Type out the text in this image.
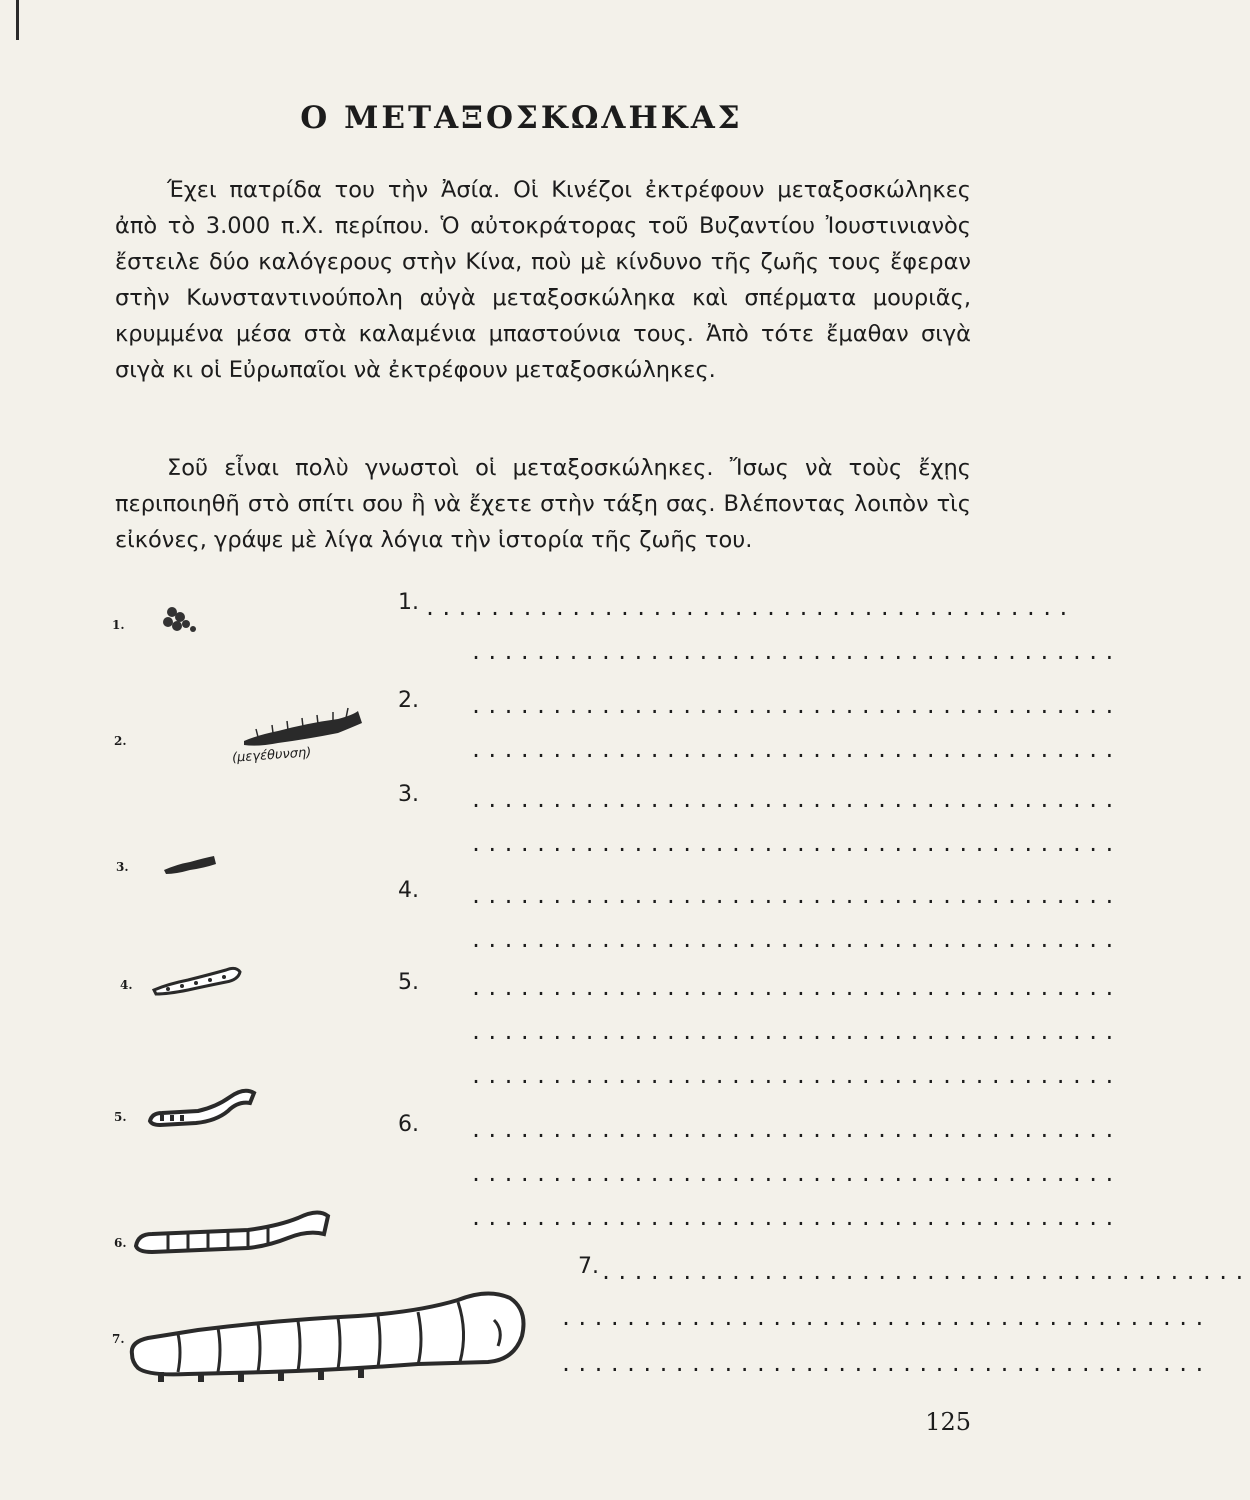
Ο ΜΕΤΑΞΟΣΚΩΛΗΚΑΣ

Έχει πατρίδα του τὴν Ἀσία. Οἱ Κινέζοι ἐκτρέφουν μεταξοσκώληκες ἀπὸ τὸ 3.000 π.Χ. περίπου. Ὁ αὐτοκράτορας τοῦ Βυζαντίου Ἰουστινιανὸς ἔστειλε δύο καλόγερους στὴν Κίνα, ποὺ μὲ κίνδυνο τῆς ζωῆς τους ἔφεραν στὴν Κωνσταντινούπολη αὐγὰ μεταξοσκώληκα καὶ σπέρματα μουριᾶς, κρυμμένα μέσα στὰ καλαμένια μπαστούνια τους. Ἀπὸ τότε ἔμαθαν σιγὰ σιγὰ κι οἱ Εὐρωπαῖοι νὰ ἐκτρέφουν μεταξοσκώληκες.

Σοῦ εἶναι πολὺ γνωστοὶ οἱ μεταξοσκώληκες. Ἴσως νὰ τοὺς ἔχῃς περιποιηθῆ στὸ σπίτι σου ἢ νὰ ἔχετε στὴν τάξη σας. Βλέποντας λοιπὸν τὶς εἰκόνες, γράψε μὲ λίγα λόγια τὴν ἱστορία τῆς ζωῆς του.

1.
2.
3.
4.
5.
6.
7.
(μεγέθυνση)
1. ........................................
........................................
2.	........................................
........................................
3.	........................................
........................................
4.	........................................
........................................
5.	........................................
........................................
........................................
6.	........................................
........................................
........................................
7. ........................................
........................................
........................................
125
